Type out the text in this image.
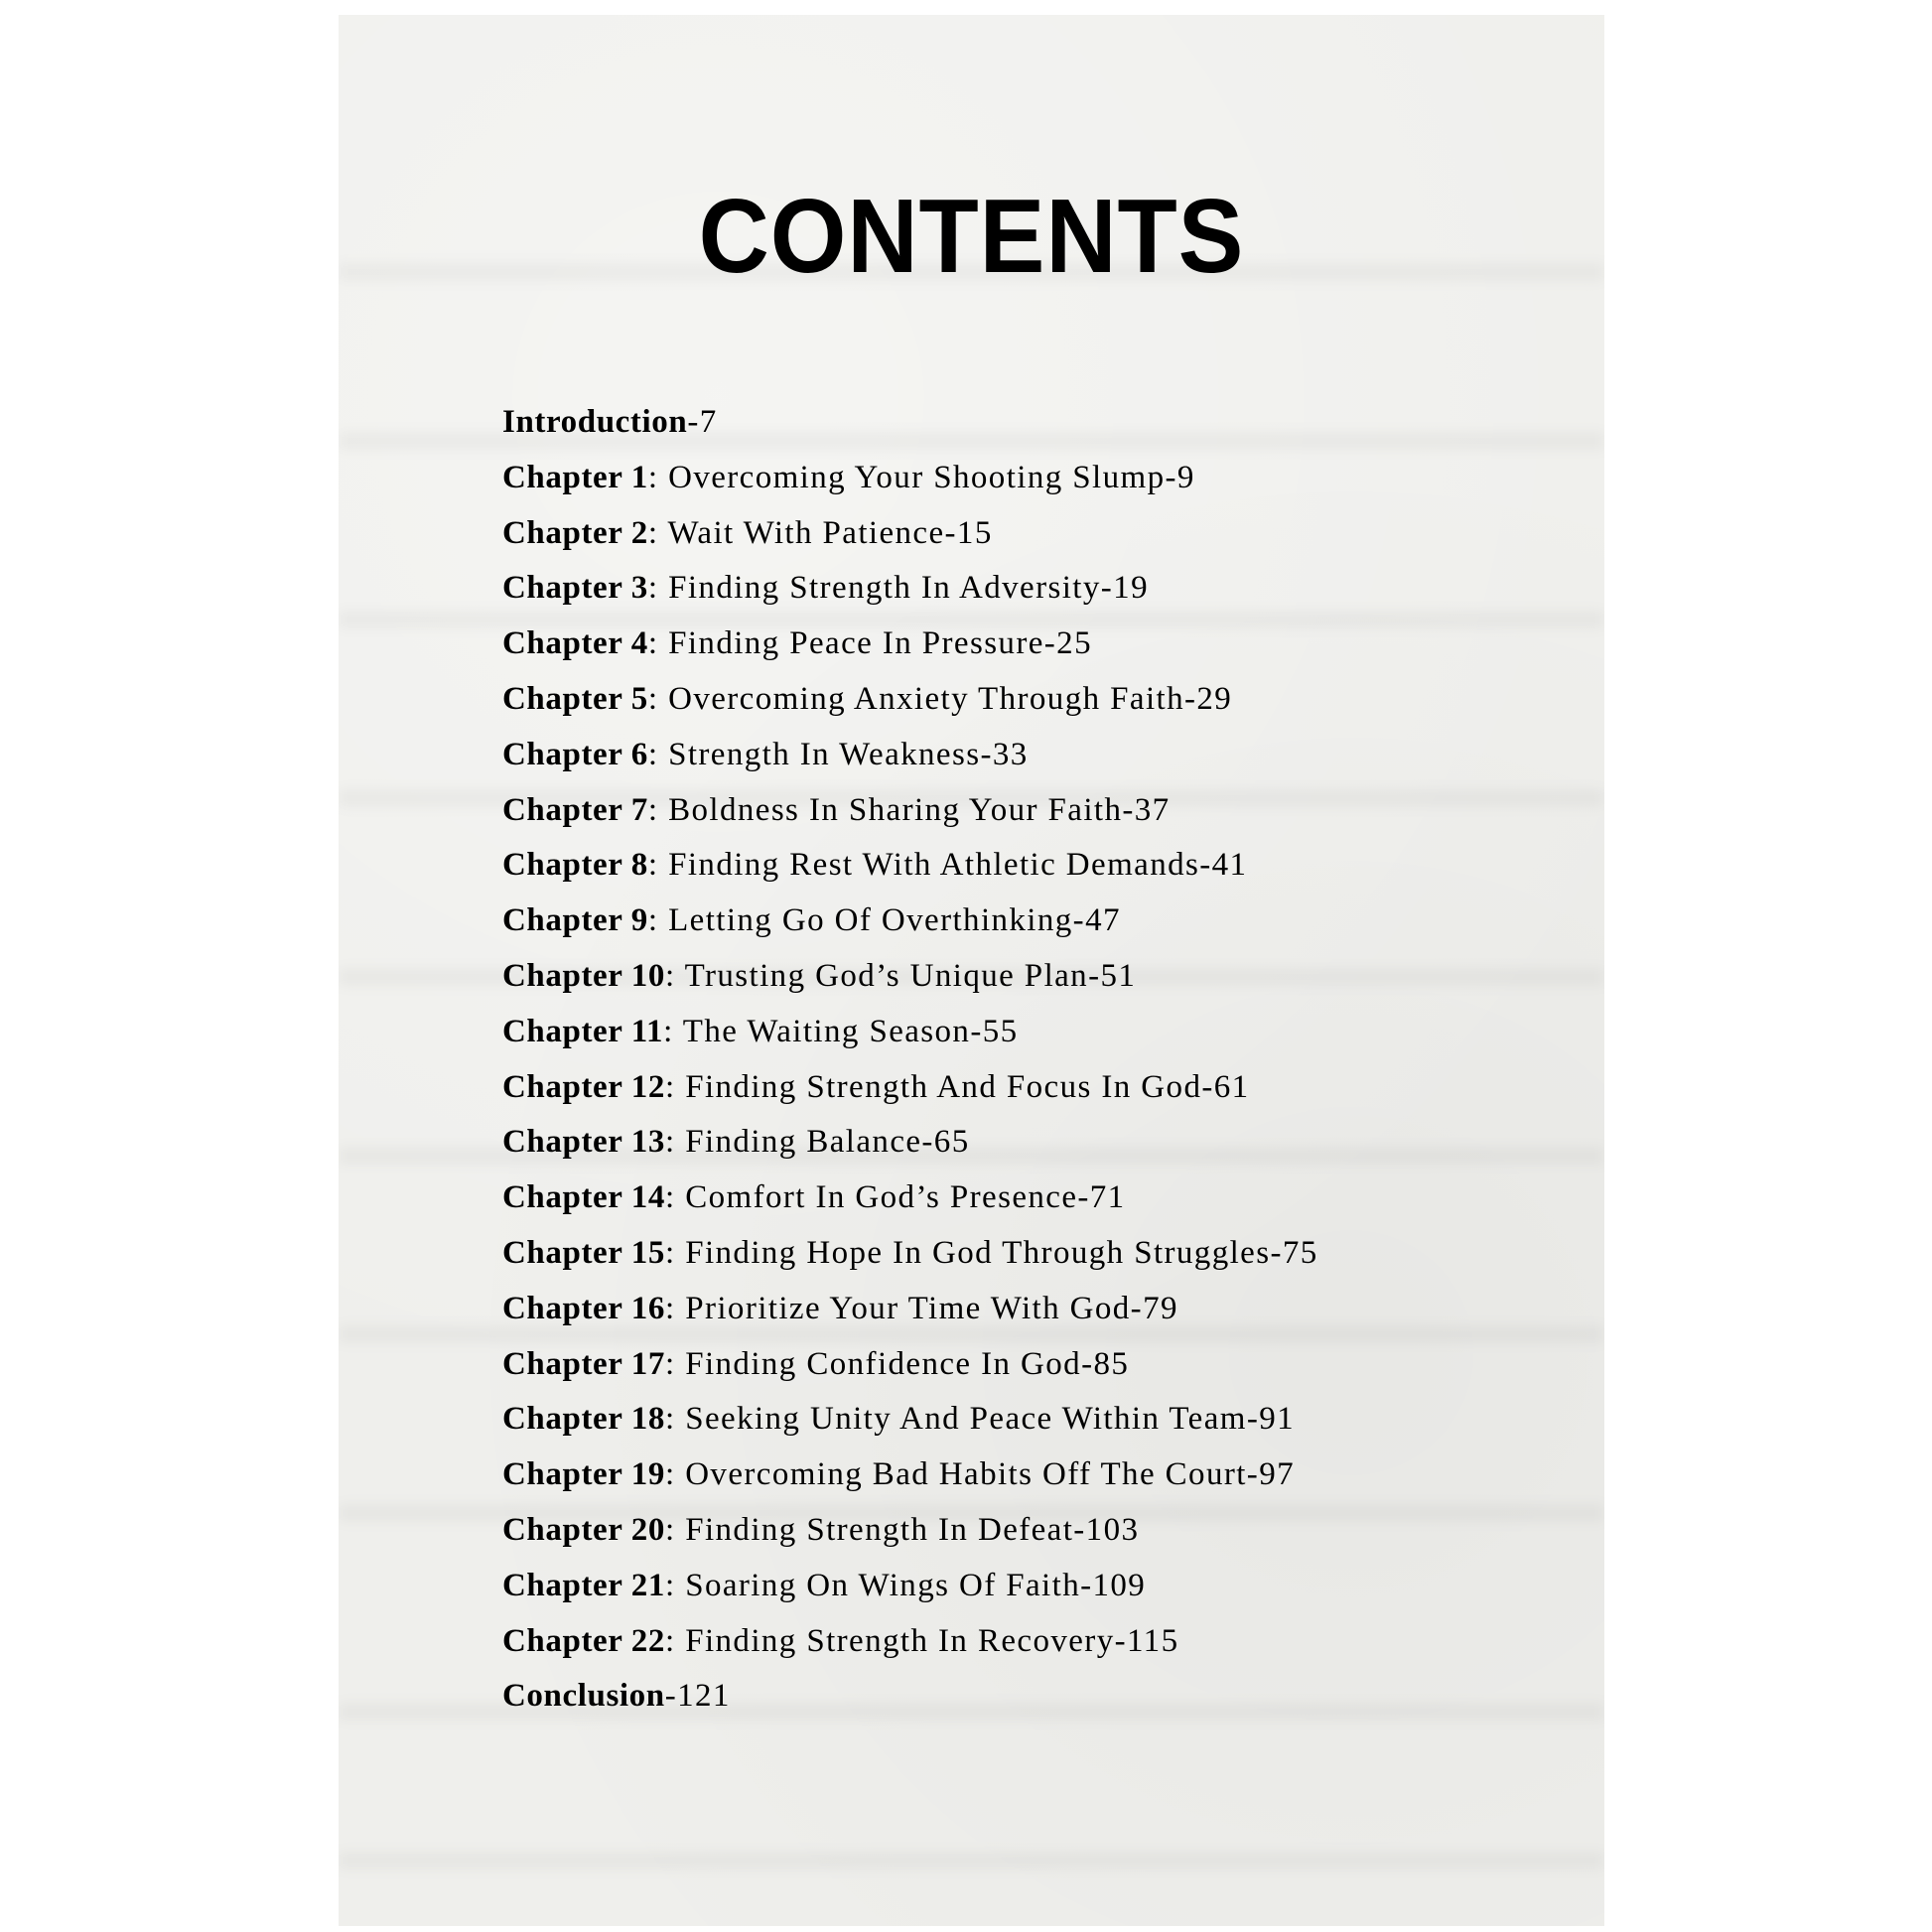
CONTENTS
Introduction-7
Chapter 1: Overcoming Your Shooting Slump-9
Chapter 2: Wait With Patience-15
Chapter 3: Finding Strength In Adversity-19
Chapter 4: Finding Peace In Pressure-25
Chapter 5: Overcoming Anxiety Through Faith-29
Chapter 6: Strength In Weakness-33
Chapter 7: Boldness In Sharing Your Faith-37
Chapter 8: Finding Rest With Athletic Demands-41
Chapter 9: Letting Go Of Overthinking-47
Chapter 10: Trusting God’s Unique Plan-51
Chapter 11: The Waiting Season-55
Chapter 12: Finding Strength And Focus In God-61
Chapter 13: Finding Balance-65
Chapter 14: Comfort In God’s Presence-71
Chapter 15: Finding Hope In God Through Struggles-75
Chapter 16: Prioritize Your Time With God-79
Chapter 17: Finding Confidence In God-85
Chapter 18: Seeking Unity And Peace Within Team-91
Chapter 19: Overcoming Bad Habits Off The Court-97
Chapter 20: Finding Strength In Defeat-103
Chapter 21: Soaring On Wings Of Faith-109
Chapter 22: Finding Strength In Recovery-115
Conclusion-121
